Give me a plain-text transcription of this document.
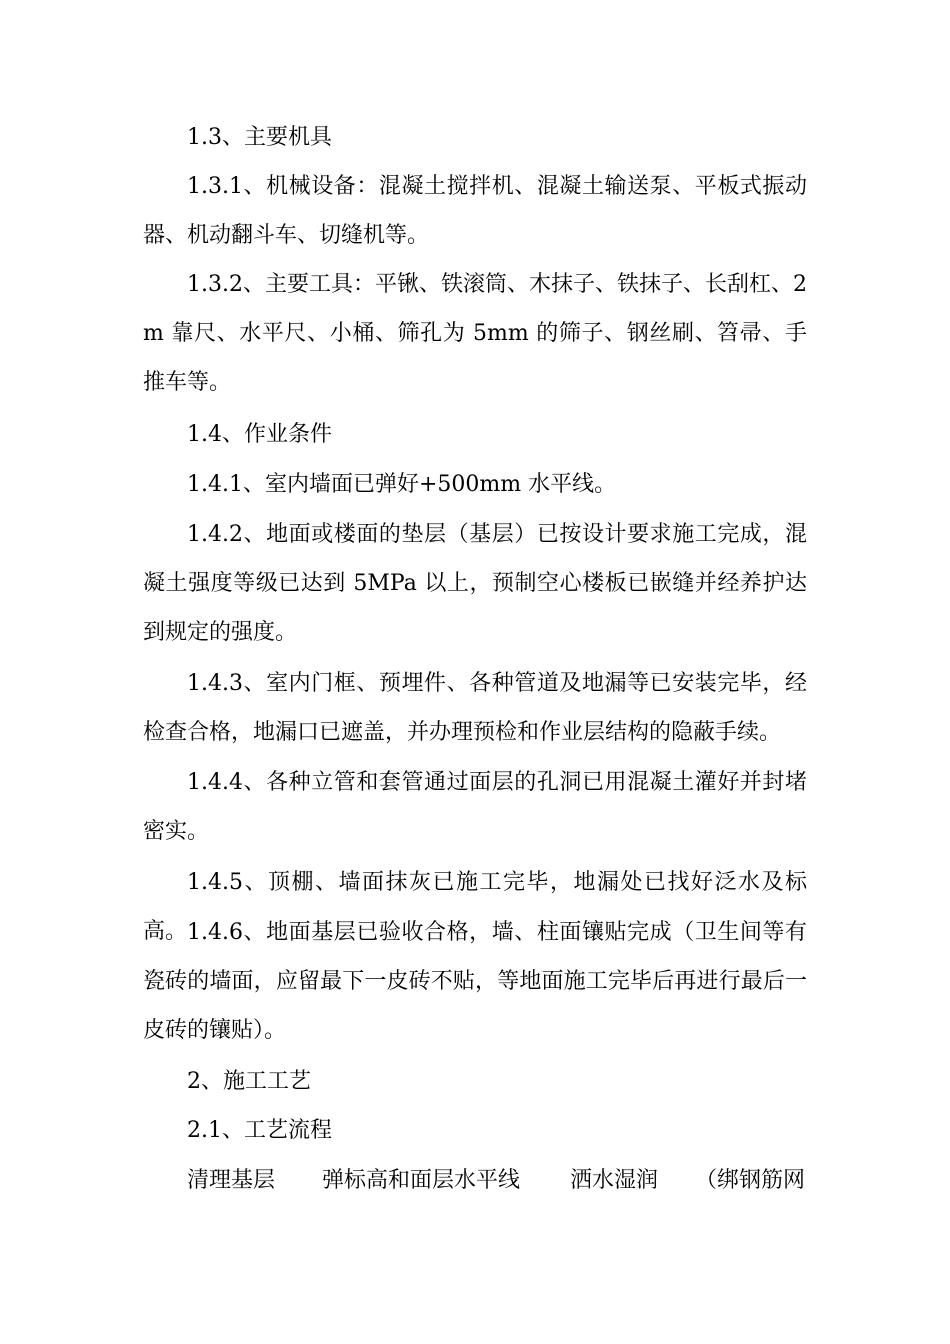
1.3、主要机具

1.3.1、机械设备：混凝土搅拌机、混凝土输送泵、平板式振动器、机动翻斗车、切缝机等。

1.3.2、主要工具：平锹、铁滚筒、木抹子、铁抹子、长刮杠、2m 靠尺、水平尺、小桶、筛孔为 5mm 的筛子、钢丝刷、笤帚、手推车等。

1.4、作业条件

1.4.1、室内墙面已弹好+500mm 水平线。

1.4.2、地面或楼面的垫层（基层）已按设计要求施工完成，混凝土强度等级已达到 5MPa 以上，预制空心楼板已嵌缝并经养护达到规定的强度。

1.4.3、室内门框、预埋件、各种管道及地漏等已安装完毕，经检查合格，地漏口已遮盖，并办理预检和作业层结构的隐蔽手续。

1.4.4、各种立管和套管通过面层的孔洞已用混凝土灌好并封堵密实。

1.4.5、顶棚、墙面抹灰已施工完毕，地漏处已找好泛水及标高。 1.4.6、地面基层已验收合格，墙、柱面镶贴完成（卫生间等有瓷砖的墙面，应留最下一皮砖不贴，等地面施工完毕后再进行最后一皮砖的镶贴）。

2、施工工艺

2.1、工艺流程

清理基层 弹标高和面层水平线 洒水湿润 （绑钢筋网
